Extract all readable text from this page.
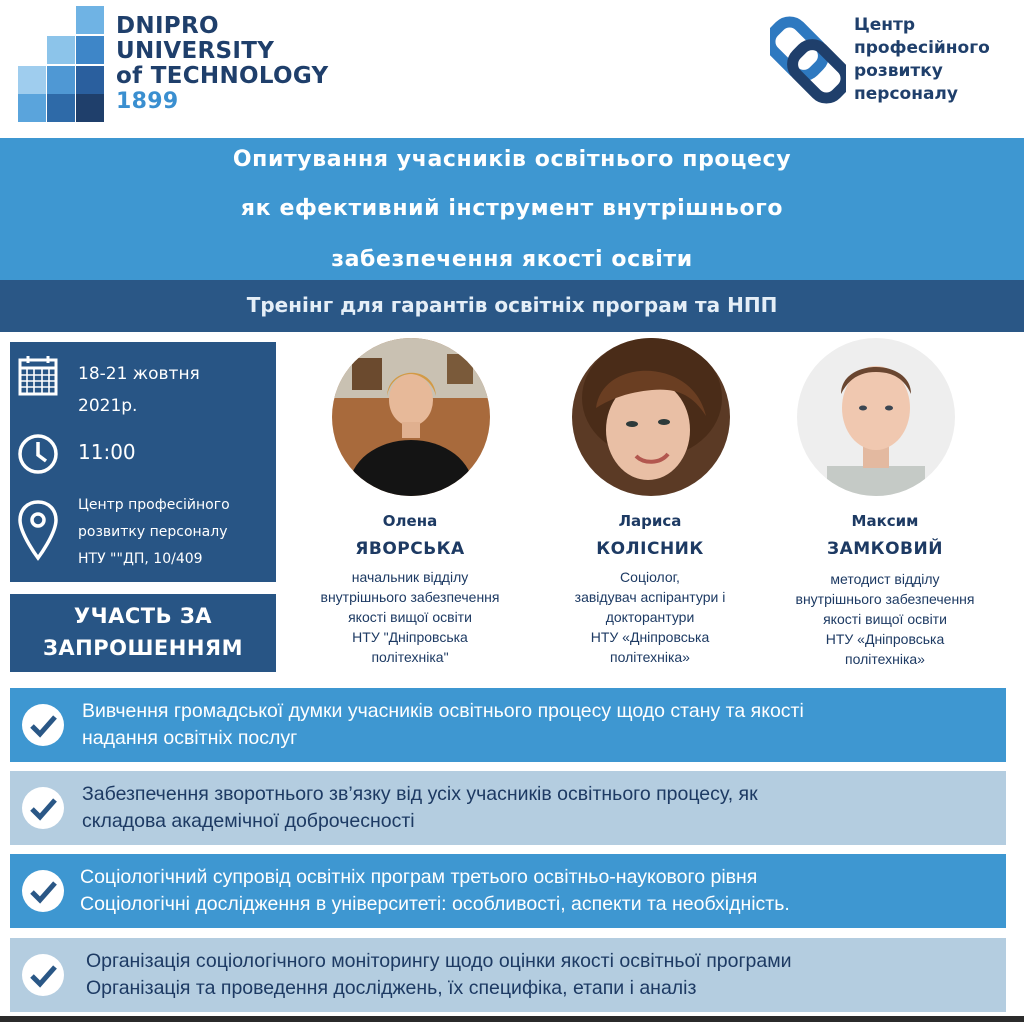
DNIPRO
UNIVERSITY
of TECHNOLOGY
1899
Центр
професійного
розвитку
персоналу
Опитування учасників освітнього процесу
як ефективний інструмент внутрішнього
забезпечення якості освіти
Тренінг для гарантів освітніх програм та НПП
18-21 жовтня
2021р.
11:00
Центр професійного
розвитку персоналу
НТУ ""ДП, 10/409
УЧАСТЬ ЗА
ЗАПРОШЕННЯМ
Олена
ЯВОРСЬКА
начальник відділу
внутрішнього забезпечення
якості вищої освіти
НТУ "Дніпровська
політехніка"
Лариса
КОЛІСНИК
Соціолог,
завідувач аспірантури і
докторантури
НТУ «Дніпровська
політехніка»
Максим
ЗАМКОВИЙ
методист відділу
внутрішнього забезпечення
якості вищої освіти
НТУ «Дніпровська
політехніка»
Вивчення громадської думки учасників освітнього процесу щодо стану та якості
надання освітніх послуг
Забезпечення зворотнього зв’язку від усіх учасників освітнього процесу, як
складова академічної доброчесності
Соціологічний супровід освітніх програм третього освітньо-наукового рівня
Соціологічні дослідження в університеті: особливості, аспекти та необхідність.
Організація соціологічного моніторингу щодо оцінки якості освітньої програми
Організація та проведення досліджень, їх специфіка, етапи і аналіз
